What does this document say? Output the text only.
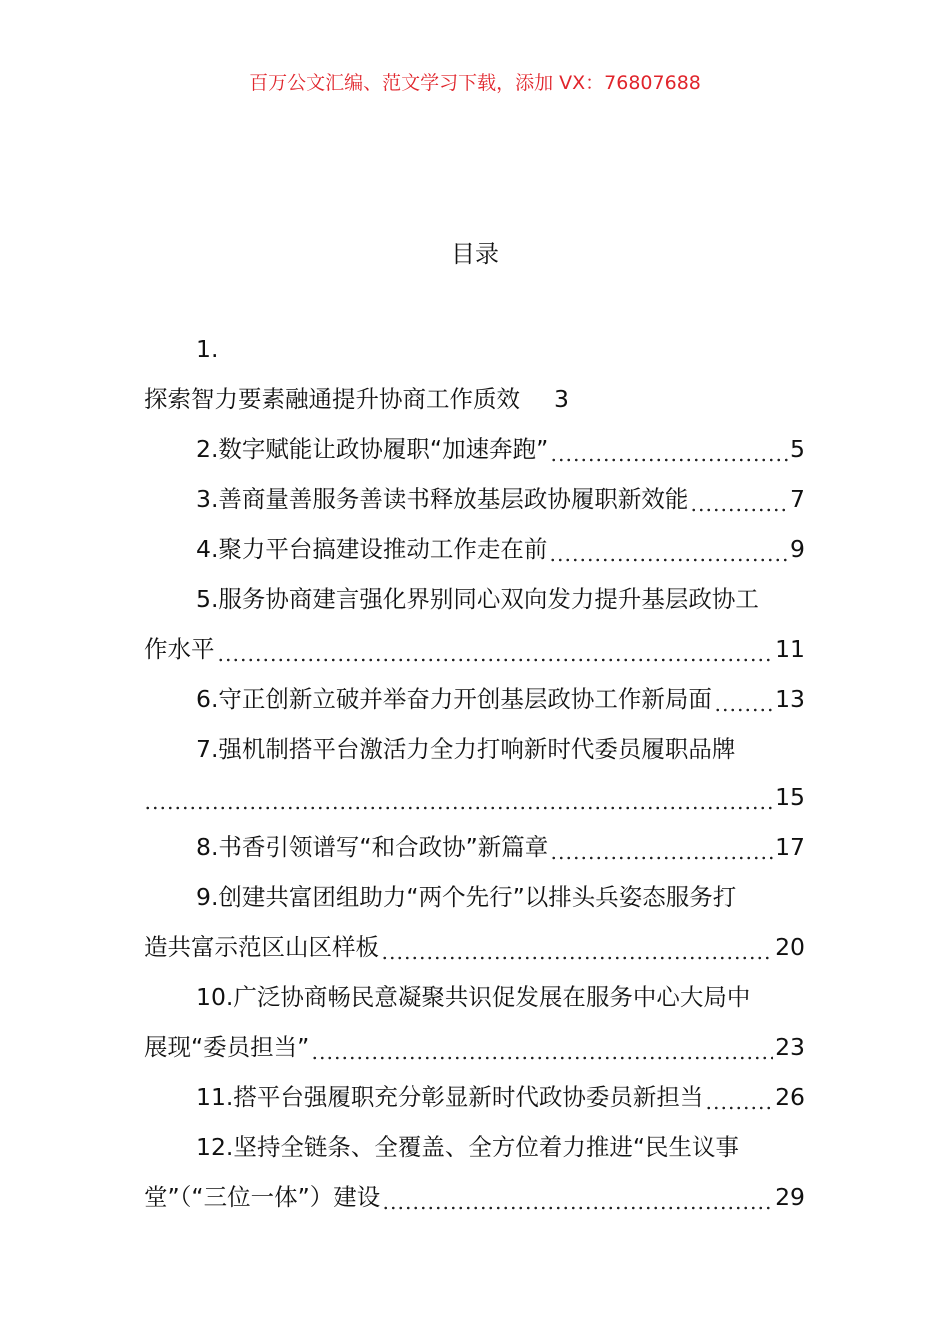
百万公文汇编、范文学习下载，添加 VX：76807688
目录
1.
探索智力要素融通提升协商工作质效 3
2.数字赋能让政协履职“加速奔跑”	5
3.善商量善服务善读书释放基层政协履职新效能	7
4.聚力平台搞建设推动工作走在前	9
5.服务协商建言强化界别同心双向发力提升基层政协工
作水平	11
6.守正创新立破并举奋力开创基层政协工作新局面	13
7.强机制搭平台激活力全力打响新时代委员履职品牌
15
8.书香引领谱写“和合政协”新篇章	17
9.创建共富团组助力“两个先行”以排头兵姿态服务打
造共富示范区山区样板	20
10.广泛协商畅民意凝聚共识促发展在服务中心大局中
展现“委员担当”	23
11.搭平台强履职充分彰显新时代政协委员新担当	26
12.坚持全链条、全覆盖、全方位着力推进“民生议事
堂”（“三位一体”）建设	29
